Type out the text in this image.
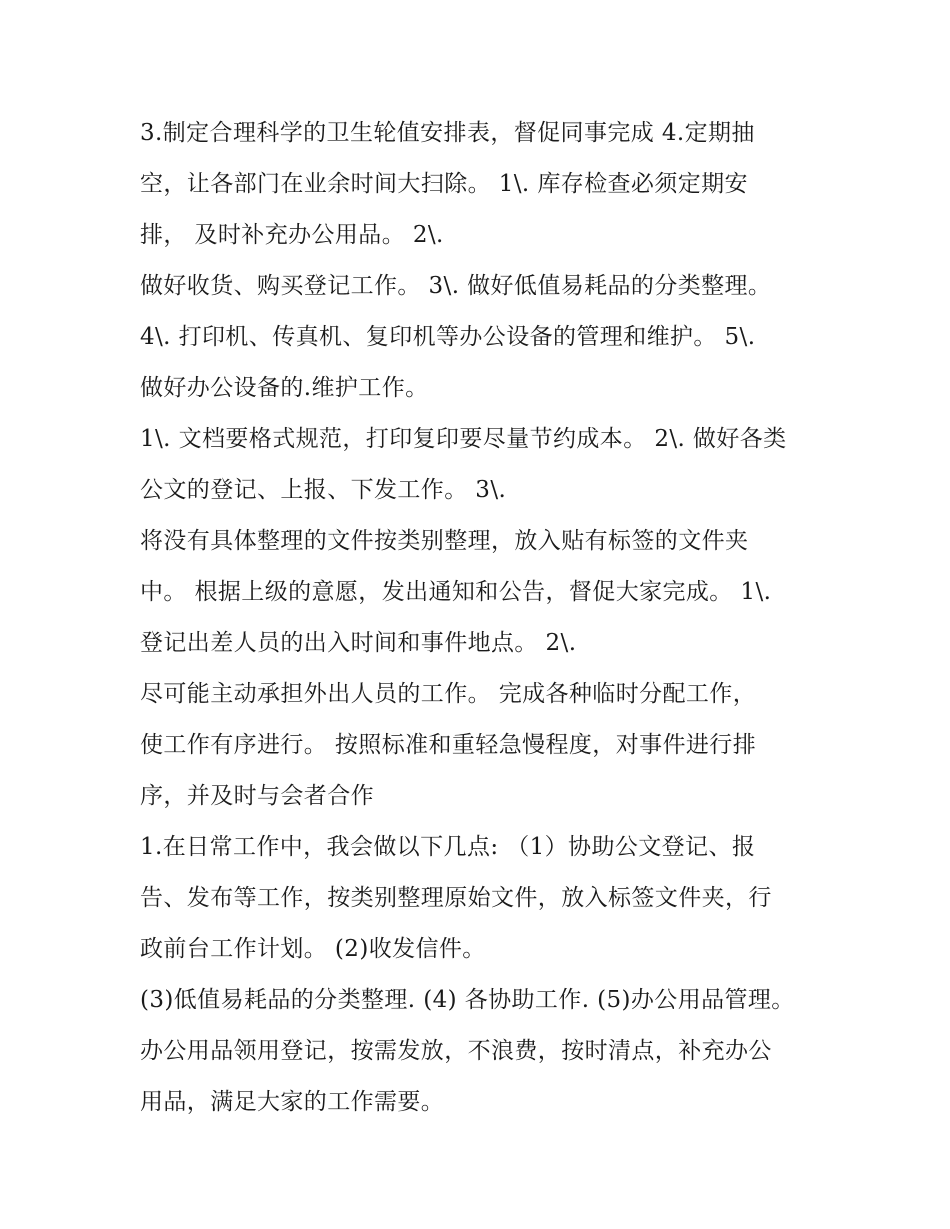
3.制定合理科学的卫生轮值安排表，督促同事完成 4.定期抽
空，让各部门在业余时间大扫除。 1\. 库存检查必须定期安
排， 及时补充办公用品。 2\.
做好收货、购买登记工作。 3\. 做好低值易耗品的分类整理。
4\. 打印机、传真机、复印机等办公设备的管理和维护。 5\.
做好办公设备的.维护工作。
1\. 文档要格式规范，打印复印要尽量节约成本。 2\. 做好各类
公文的登记、上报、下发工作。 3\.
将没有具体整理的文件按类别整理，放入贴有标签的文件夹
中。 根据上级的意愿，发出通知和公告，督促大家完成。 1\.
登记出差人员的出入时间和事件地点。 2\.
尽可能主动承担外出人员的工作。 完成各种临时分配工作，
使工作有序进行。 按照标准和重轻急慢程度，对事件进行排
序，并及时与会者合作
1.在日常工作中，我会做以下几点: （1）协助公文登记、报
告、发布等工作，按类别整理原始文件，放入标签文件夹，行
政前台工作计划。 (2)收发信件。
(3)低值易耗品的分类整理. (4) 各协助工作. (5)办公用品管理。
办公用品领用登记，按需发放，不浪费，按时清点，补充办公
用品，满足大家的工作需要。
